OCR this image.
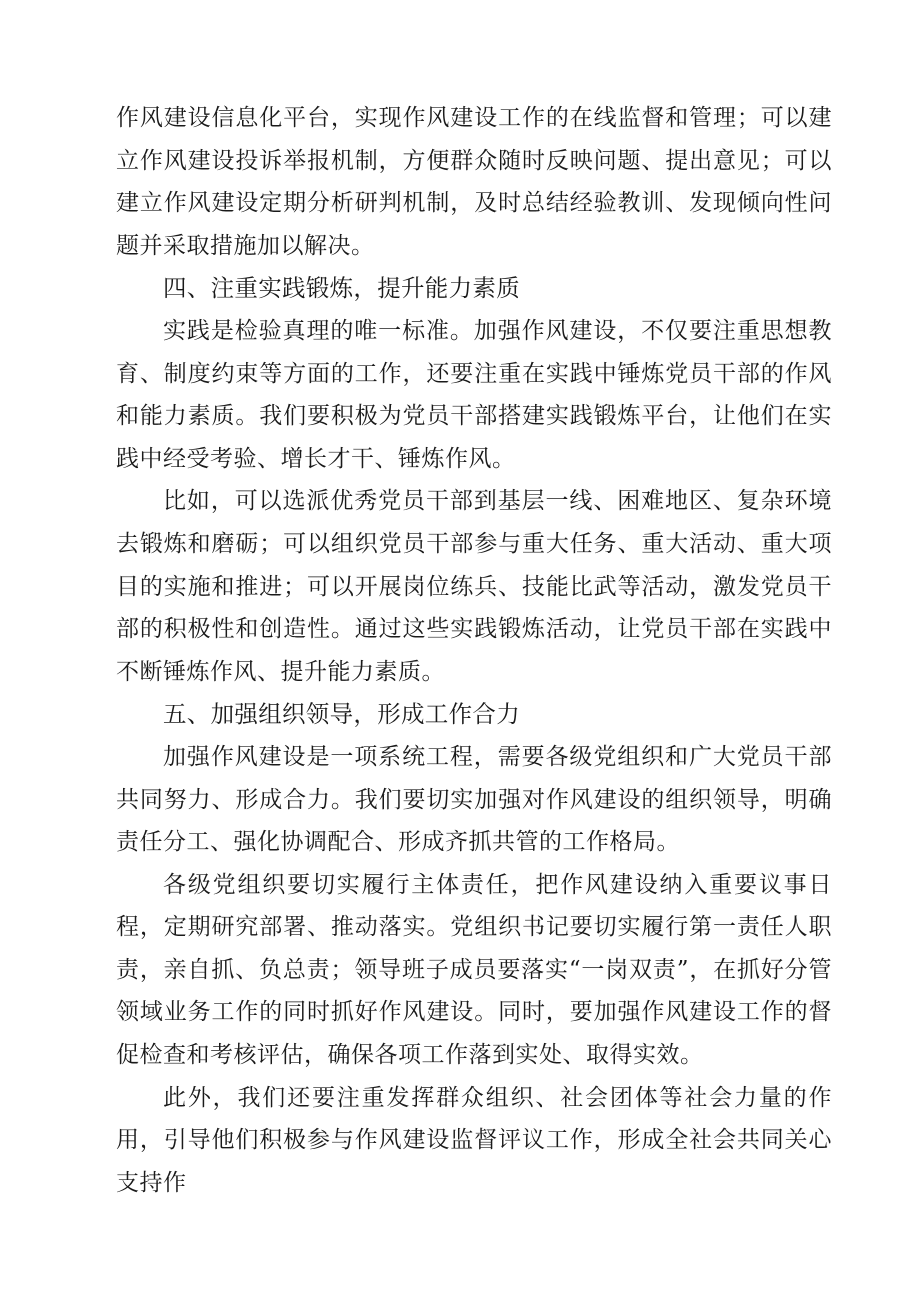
作风建设信息化平台，实现作风建设工作的在线监督和管理；可以建立作风建设投诉举报机制，方便群众随时反映问题、提出意见；可以建立作风建设定期分析研判机制，及时总结经验教训、发现倾向性问题并采取措施加以解决。

四、注重实践锻炼，提升能力素质

实践是检验真理的唯一标准。加强作风建设，不仅要注重思想教育、制度约束等方面的工作，还要注重在实践中锤炼党员干部的作风和能力素质。我们要积极为党员干部搭建实践锻炼平台，让他们在实践中经受考验、增长才干、锤炼作风。

比如，可以选派优秀党员干部到基层一线、困难地区、复杂环境去锻炼和磨砺；可以组织党员干部参与重大任务、重大活动、重大项目的实施和推进；可以开展岗位练兵、技能比武等活动，激发党员干部的积极性和创造性。通过这些实践锻炼活动，让党员干部在实践中不断锤炼作风、提升能力素质。

五、加强组织领导，形成工作合力

加强作风建设是一项系统工程，需要各级党组织和广大党员干部共同努力、形成合力。我们要切实加强对作风建设的组织领导，明确责任分工、强化协调配合、形成齐抓共管的工作格局。

各级党组织要切实履行主体责任，把作风建设纳入重要议事日程，定期研究部署、推动落实。党组织书记要切实履行第一责任人职责，亲自抓、负总责；领导班子成员要落实“一岗双责”，在抓好分管领域业务工作的同时抓好作风建设。同时，要加强作风建设工作的督促检查和考核评估，确保各项工作落到实处、取得实效。

此外，我们还要注重发挥群众组织、社会团体等社会力量的作用，引导他们积极参与作风建设监督评议工作，形成全社会共同关心支持作
